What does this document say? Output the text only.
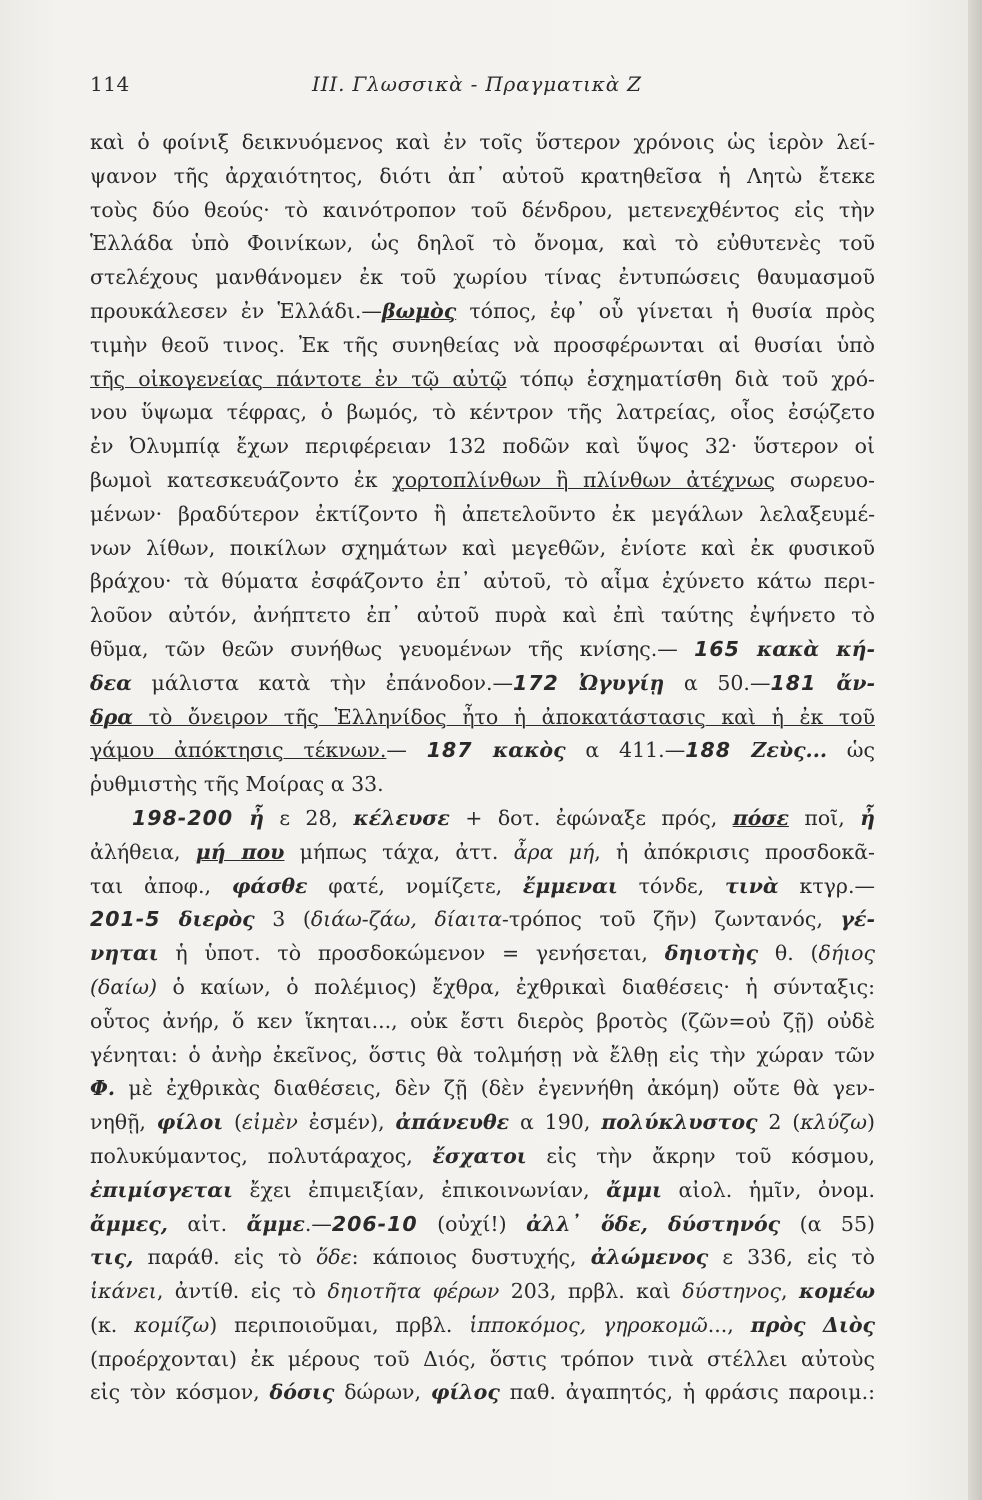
114	ΙΙΙ. Γλωσσικὰ - Πραγματικὰ Ζ
καὶ ὁ φοίνιξ δεικνυόμενος καὶ ἐν τοῖς ὕστερον χρόνοις ὡς ἱερὸν λεί-
ψανον τῆς ἀρχαιότητος, διότι ἀπ᾿ αὐτοῦ κρατηθεῖσα ἡ Λητὼ ἔτεκε
τοὺς δύο θεούς· τὸ καινότροπον τοῦ δένδρου, μετενεχθέντος εἰς τὴν
Ἑλλάδα ὑπὸ Φοινίκων, ὡς δηλοῖ τὸ ὄνομα, καὶ τὸ εὐθυτενὲς τοῦ
στελέχους μανθάνομεν ἐκ τοῦ χωρίου τίνας ἐντυπώσεις θαυμασμοῦ
προυκάλεσεν ἐν Ἑλλάδι.—βωμὸς τόπος, ἐφ᾿ οὗ γίνεται ἡ θυσία πρὸς
τιμὴν θεοῦ τινος. Ἐκ τῆς συνηθείας νὰ προσφέρωνται αἱ θυσίαι ὑπὸ
τῆς οἰκογενείας πάντοτε ἐν τῷ αὐτῷ τόπῳ ἐσχηματίσθη διὰ τοῦ χρό-
νου ὕψωμα τέφρας, ὁ βωμός, τὸ κέντρον τῆς λατρείας, οἷος ἐσῴζετο
ἐν Ὀλυμπίᾳ ἔχων περιφέρειαν 132 ποδῶν καὶ ὕψος 32· ὕστερον οἱ
βωμοὶ κατεσκευάζοντο ἐκ χορτοπλίνθων ἢ πλίνθων ἀτέχνως σωρευο-
μένων· βραδύτερον ἐκτίζοντο ἢ ἀπετελοῦντο ἐκ μεγάλων λελαξευμέ-
νων λίθων, ποικίλων σχημάτων καὶ μεγεθῶν, ἐνίοτε καὶ ἐκ φυσικοῦ
βράχου· τὰ θύματα ἐσφάζοντο ἐπ᾿ αὐτοῦ, τὸ αἷμα ἐχύνετο κάτω περι-
λοῦον αὐτόν, ἀνήπτετο ἐπ᾿ αὐτοῦ πυρὰ καὶ ἐπὶ ταύτης ἐψήνετο τὸ
θῦμα, τῶν θεῶν συνήθως γευομένων τῆς κνίσης.— 165 κακὰ κή-
δεα μάλιστα κατὰ τὴν ἐπάνοδον.—172 Ὠγυγίῃ α 50.—181 ἄν-
δρα τὸ ὄνειρον τῆς Ἑλληνίδος ἦτο ἡ ἀποκατάστασις καὶ ἡ ἐκ τοῦ
γάμου ἀπόκτησις τέκνων.— 187 κακὸς α 411.—188 Ζεὺς... ὡς
ῥυθμιστὴς τῆς Μοίρας α 33.
198-200 ἦ ε 28, κέλευσε + δοτ. ἐφώναξε πρός, πόσε ποῖ, ἦ
ἀλήθεια, μή που μήπως τάχα, ἀττ. ἆρα μή, ἡ ἀπόκρισις προσδοκᾶ-
ται ἀποφ., φάσθε φατέ, νομίζετε, ἔμμεναι τόνδε, τινὰ κτγρ.—
201-5 διερὸς 3 (διάω-ζάω, δίαιτα-τρόπος τοῦ ζῆν) ζωντανός, γέ-
νηται ἡ ὑποτ. τὸ προσδοκώμενον = γενήσεται, δηιοτὴς θ. (δήιος
(δαίω) ὁ καίων, ὁ πολέμιος) ἔχθρα, ἐχθρικαὶ διαθέσεις· ἡ σύνταξις:
οὗτος ἀνήρ, ὅ κεν ἵκηται..., οὐκ ἔστι διερὸς βροτὸς (ζῶν=οὐ ζῇ) οὐδὲ
γένηται: ὁ ἀνὴρ ἐκεῖνος, ὅστις θὰ τολμήσῃ νὰ ἔλθῃ εἰς τὴν χώραν τῶν
Φ. μὲ ἐχθρικὰς διαθέσεις, δὲν ζῇ (δὲν ἐγεννήθη ἀκόμη) οὔτε θὰ γεν-
νηθῇ, φίλοι (εἰμὲν ἐσμέν), ἀπάνευθε α 190, πολύκλυστος 2 (κλύζω)
πολυκύμαντος, πολυτάραχος, ἔσχατοι εἰς τὴν ἄκρην τοῦ κόσμου,
ἐπιμίσγεται ἔχει ἐπιμειξίαν, ἐπικοινωνίαν, ἄμμι αἰολ. ἡμῖν, ὀνομ.
ἄμμες, αἰτ. ἄμμε.—206-10 (οὐχί!) ἀλλ᾿ ὅδε, δύστηνός (α 55)
τις, παράθ. εἰς τὸ ὅδε: κάποιος δυστυχής, ἀλώμενος ε 336, εἰς τὸ
ἱκάνει, ἀντίθ. εἰς τὸ δηιοτῆτα φέρων 203, πρβλ. καὶ δύστηνος, κομέω
(κ. κομίζω) περιποιοῦμαι, πρβλ. ἱπποκόμος, γηροκομῶ..., πρὸς Διὸς
(προέρχονται) ἐκ μέρους τοῦ Διός, ὅστις τρόπον τινὰ στέλλει αὐτοὺς
εἰς τὸν κόσμον, δόσις δώρων, φίλος παθ. ἀγαπητός, ἡ φράσις παροιμ.:
